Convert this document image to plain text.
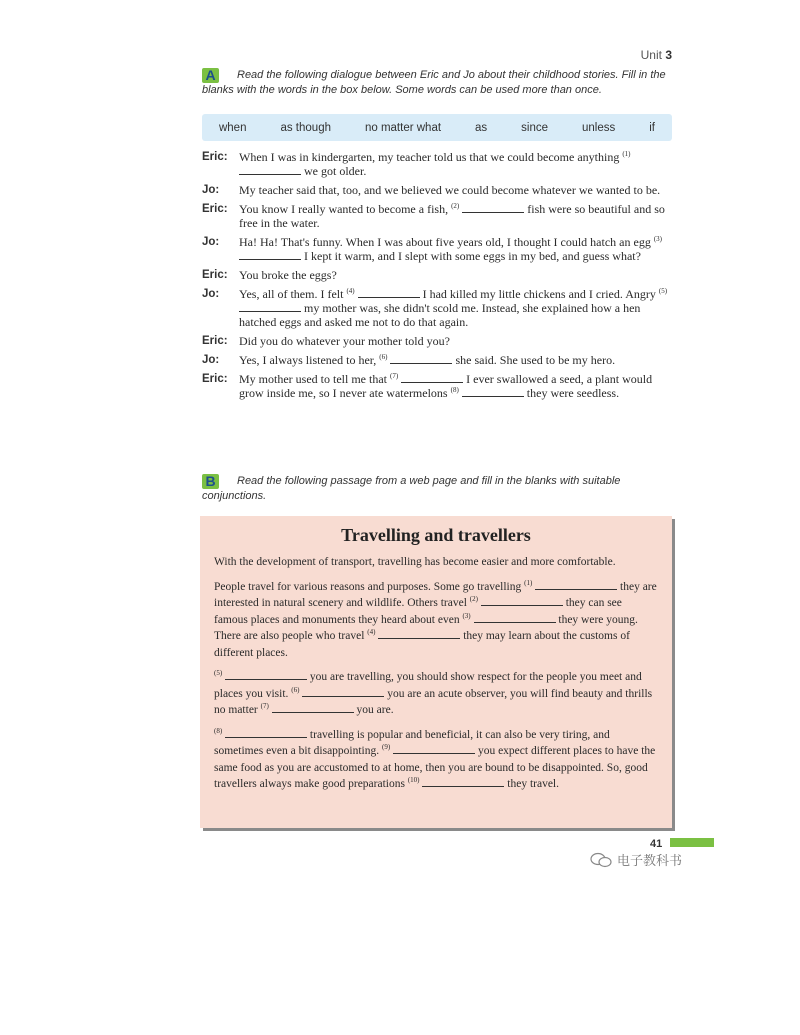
Unit 3
A Read the following dialogue between Eric and Jo about their childhood stories. Fill in the blanks with the words in the box below. Some words can be used more than once.
when	as though	no matter what	as	since	unless	if
Eric: When I was in kindergarten, my teacher told us that we could become anything $^{(1)}$  we got older.
Jo:	My teacher said that, too, and we believed we could become whatever we wanted to be.
Eric: You know I really wanted to become a fish, $^{(2)}$	fish were so beautiful and so free in the water.
Jo:	Ha! Ha! That's funny. When I was about five years old, I thought I could hatch an egg $^{(3)}$  I kept it warm, and I slept with some eggs in my bed, and guess what?
Eric: You broke the eggs?
Jo:	Yes, all of them. I felt $^{(4)}$	I had killed my little chickens and I cried. Angry $^{(5)}$  my mother was, she didn't scold me. Instead, she explained how a hen hatched eggs and asked me not to do that again.
Eric: Did you do whatever your mother told you?
Jo:	Yes, I always listened to her, $^{(6)}$	she said. She used to be my hero.
Eric: My mother used to tell me that $^{(7)}$	I ever swallowed a seed, a plant would grow inside me, so I never ate watermelons $^{(8)}$	they were seedless.
B Read the following passage from a web page and fill in the blanks with suitable conjunctions.
Travelling and travellers

With the development of transport, travelling has become easier and more comfortable.

People travel for various reasons and purposes. Some go travelling $^{(1)}$	they are interested in natural scenery and wildlife. Others travel $^{(2)}$	they can see famous places and monuments they heard about even $^{(3)}$	they were young. There are also people who travel $^{(4)}$	they may learn about the customs of different places.

$^{(5)}$	you are travelling, you should show respect for the people you meet and places you visit. $^{(6)}$	you are an acute observer, you will find beauty and thrills no matter $^{(7)}$	you are.

$^{(8)}$	travelling is popular and beneficial, it can also be very tiring, and sometimes even a bit disappointing. $^{(9)}$	you expect different places to have the same food as you are accustomed to at home, then you are bound to be disappointed. So, good travellers always make good preparations $^{(10)}$	they travel.

41
电子教科书
